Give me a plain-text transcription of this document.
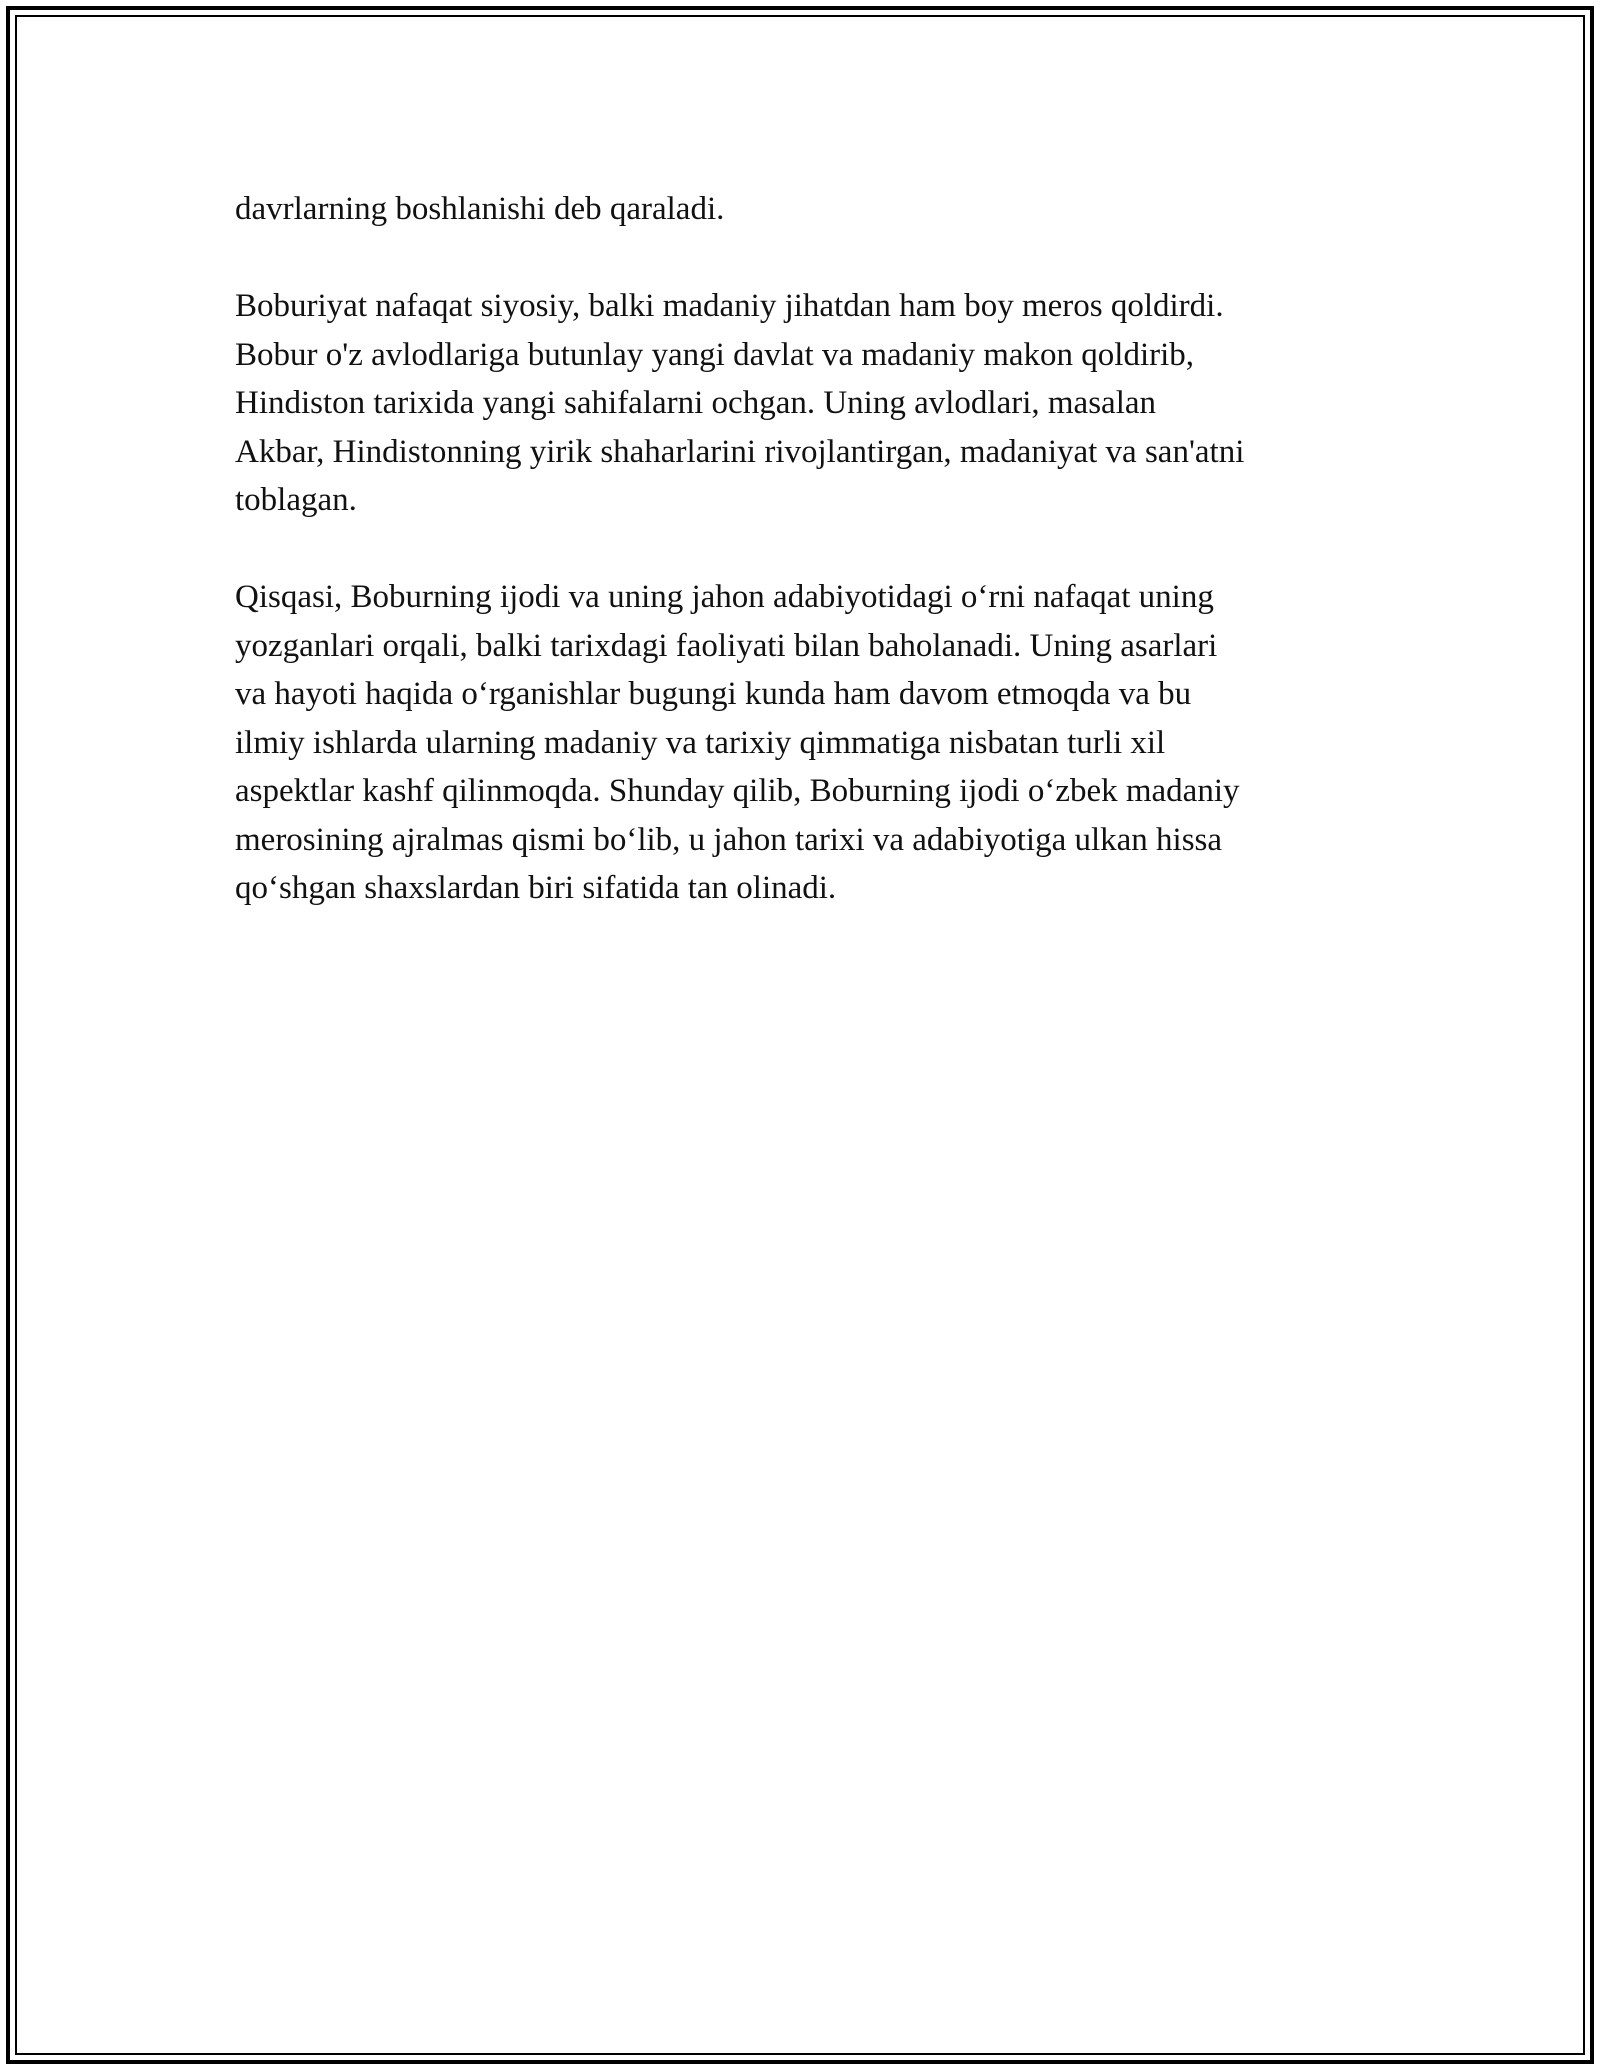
davrlarning boshlanishi deb qaraladi.

Boburiyat nafaqat siyosiy, balki madaniy jihatdan ham boy meros qoldirdi.
Bobur o'z avlodlariga butunlay yangi davlat va madaniy makon qoldirib,
Hindiston tarixida yangi sahifalarni ochgan. Uning avlodlari, masalan
Akbar, Hindistonning yirik shaharlarini rivojlantirgan, madaniyat va san'atni
toblagan.

Qisqasi, Boburning ijodi va uning jahon adabiyotidagi o‘rni nafaqat uning
yozganlari orqali, balki tarixdagi faoliyati bilan baholanadi. Uning asarlari
va hayoti haqida o‘rganishlar bugungi kunda ham davom etmoqda va bu
ilmiy ishlarda ularning madaniy va tarixiy qimmatiga nisbatan turli xil
aspektlar kashf qilinmoqda. Shunday qilib, Boburning ijodi o‘zbek madaniy
merosining ajralmas qismi bo‘lib, u jahon tarixi va adabiyotiga ulkan hissa
qo‘shgan shaxslardan biri sifatida tan olinadi.
